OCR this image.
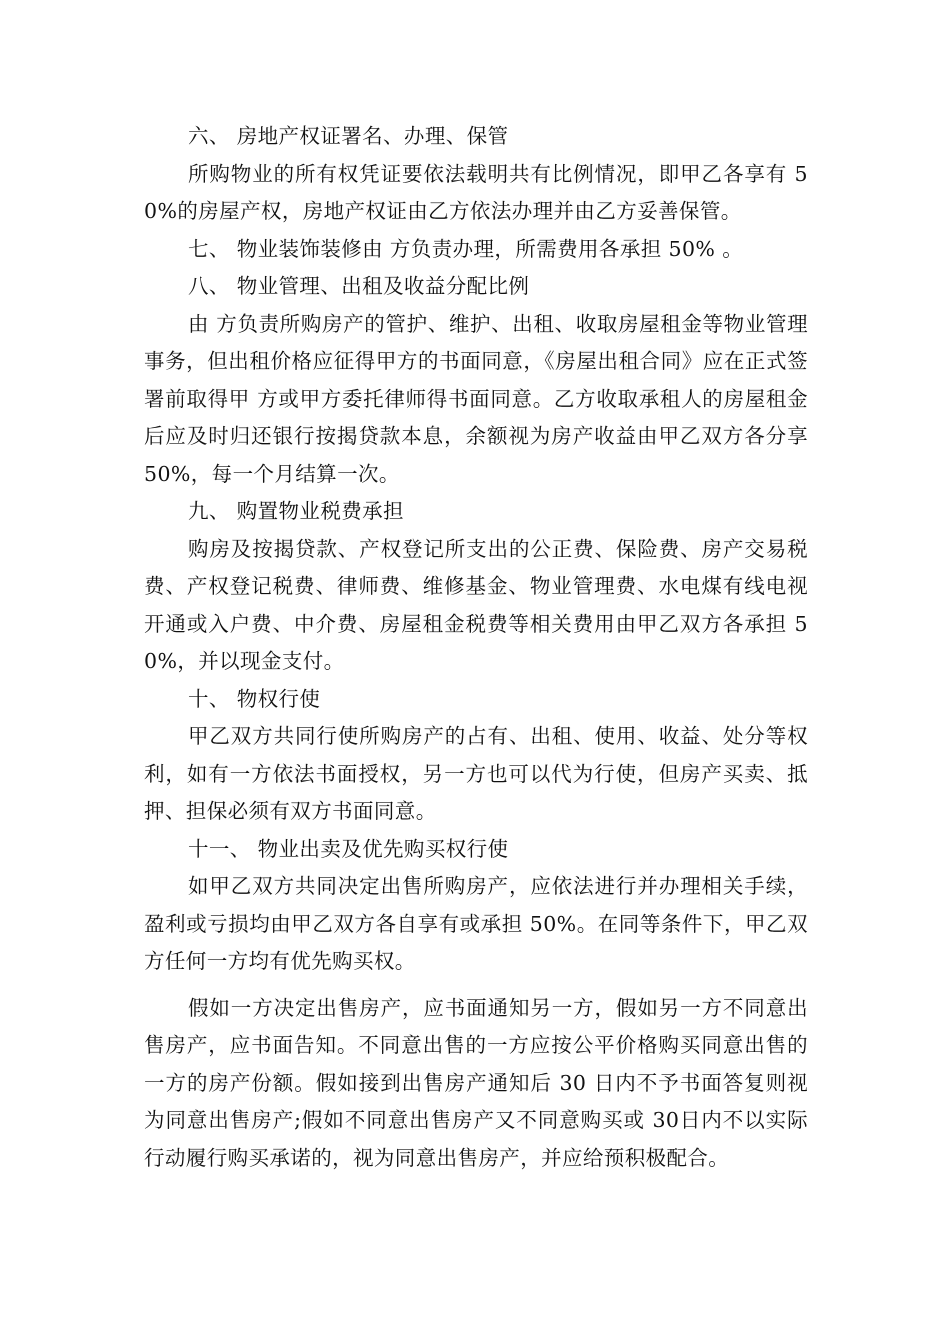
六、 房地产权证署名、办理、保管

所购物业的所有权凭证要依法载明共有比例情况，即甲乙各享有 50%的房屋产权，房地产权证由乙方依法办理并由乙方妥善保管。

七、 物业装饰装修由 方负责办理，所需费用各承担 50% 。

八、 物业管理、出租及收益分配比例

由 方负责所购房产的管护、维护、出租、收取房屋租金等物业管理事务，但出租价格应征得甲方的书面同意，《房屋出租合同》应在正式签署前取得甲 方或甲方委托律师得书面同意。乙方收取承租人的房屋租金后应及时归还银行按揭贷款本息，余额视为房产收益由甲乙双方各分享 50%，每一个月结算一次。

九、 购置物业税费承担

购房及按揭贷款、产权登记所支出的公正费、保险费、房产交易税费、产权登记税费、律师费、维修基金、物业管理费、水电煤有线电视开通或入户费、中介费、房屋租金税费等相关费用由甲乙双方各承担 50%，并以现金支付。

十、 物权行使

甲乙双方共同行使所购房产的占有、出租、使用、收益、处分等权利，如有一方依法书面授权，另一方也可以代为行使，但房产买卖、抵押、担保必须有双方书面同意。

十一、 物业出卖及优先购买权行使

如甲乙双方共同决定出售所购房产，应依法进行并办理相关手续，盈利或亏损均由甲乙双方各自享有或承担 50%。在同等条件下，甲乙双方任何一方均有优先购买权。

假如一方决定出售房产，应书面通知另一方，假如另一方不同意出售房产，应书面告知。不同意出售的一方应按公平价格购买同意出售的一方的房产份额。假如接到出售房产通知后 30 日内不予书面答复则视为同意出售房产;假如不同意出售房产又不同意购买或 30日内不以实际行动履行购买承诺的，视为同意出售房产，并应给预积极配合。
